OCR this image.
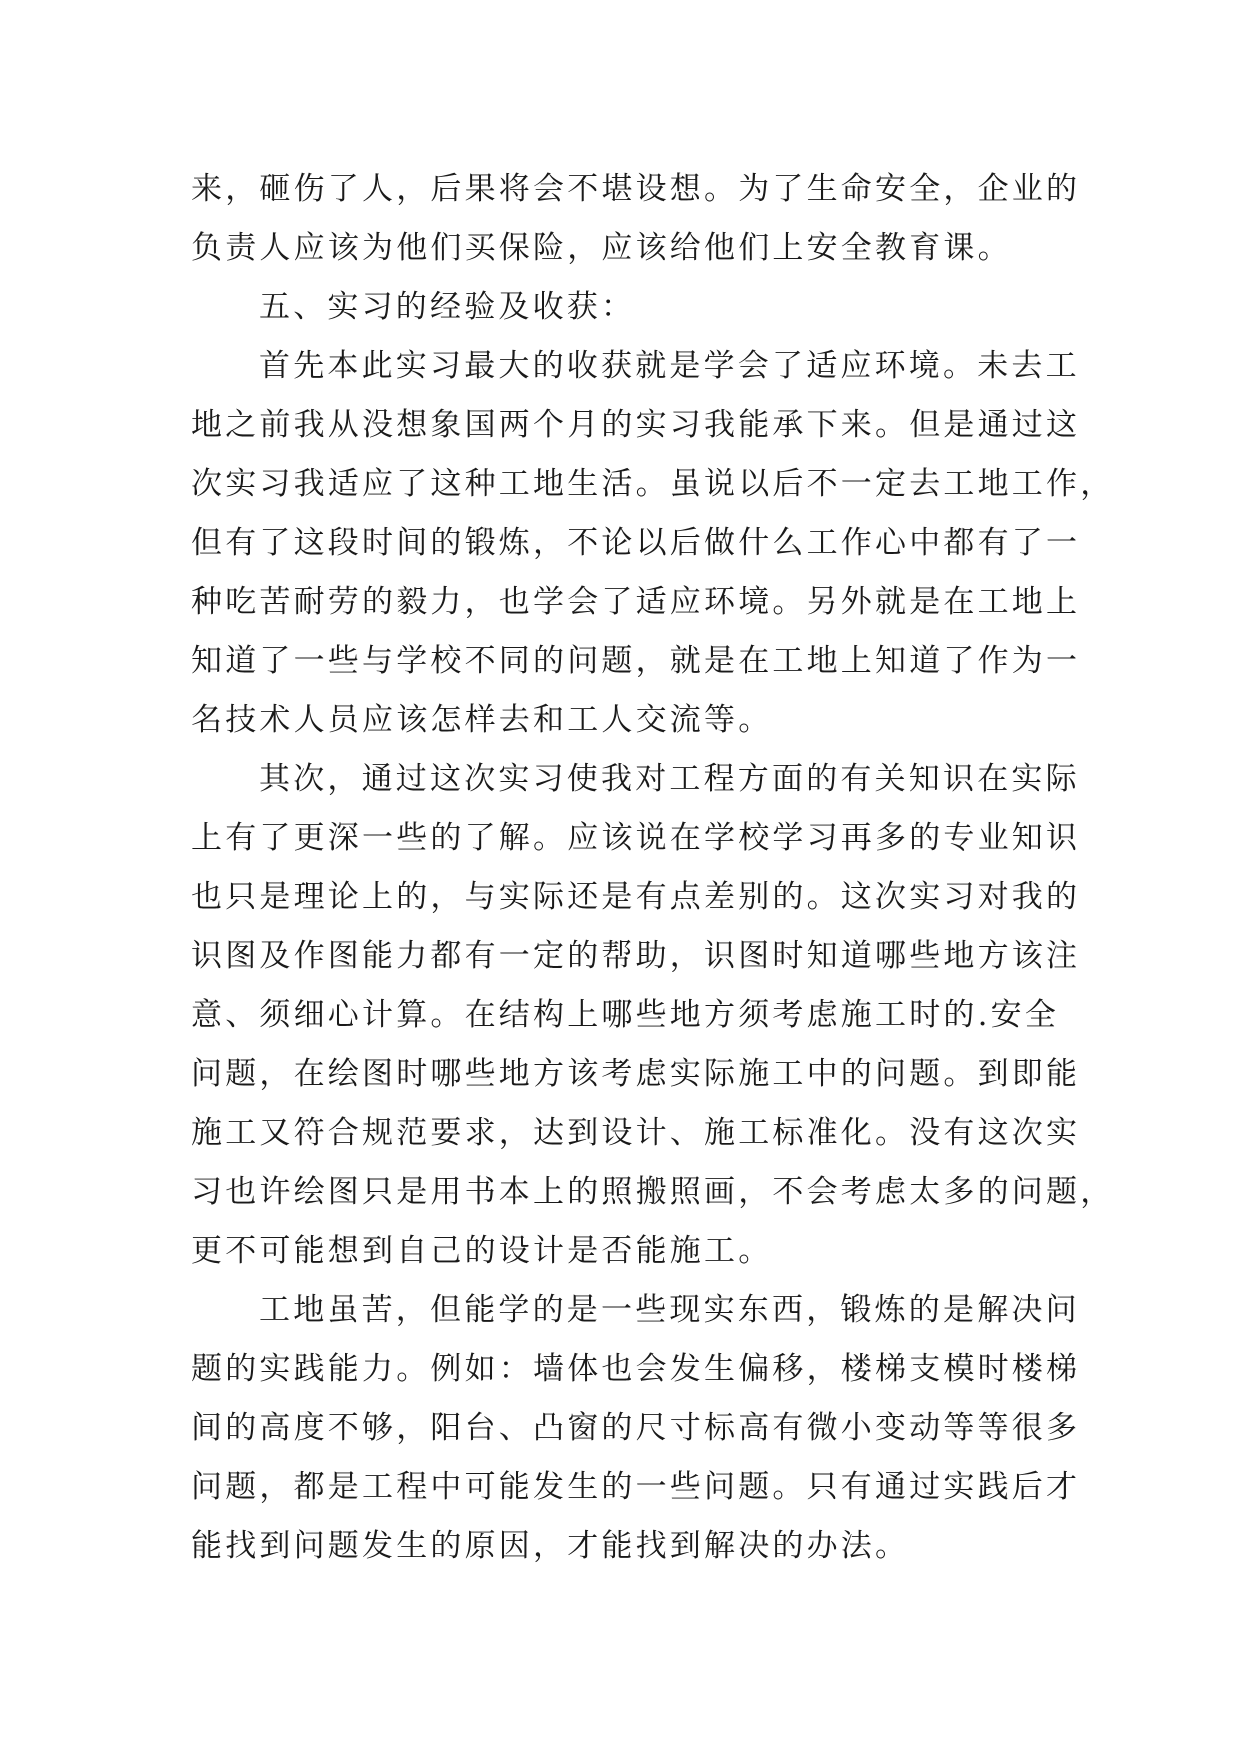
来，砸伤了人，后果将会不堪设想。为了生命安全，企业的
负责人应该为他们买保险，应该给他们上安全教育课。
五、实习的经验及收获：
首先本此实习最大的收获就是学会了适应环境。未去工
地之前我从没想象国两个月的实习我能承下来。但是通过这
次实习我适应了这种工地生活。虽说以后不一定去工地工作，
但有了这段时间的锻炼，不论以后做什么工作心中都有了一
种吃苦耐劳的毅力，也学会了适应环境。另外就是在工地上
知道了一些与学校不同的问题，就是在工地上知道了作为一
名技术人员应该怎样去和工人交流等。
其次，通过这次实习使我对工程方面的有关知识在实际
上有了更深一些的了解。应该说在学校学习再多的专业知识
也只是理论上的，与实际还是有点差别的。这次实习对我的
识图及作图能力都有一定的帮助，识图时知道哪些地方该注
意、须细心计算。在结构上哪些地方须考虑施工时的.安全
问题，在绘图时哪些地方该考虑实际施工中的问题。到即能
施工又符合规范要求，达到设计、施工标准化。没有这次实
习也许绘图只是用书本上的照搬照画，不会考虑太多的问题，
更不可能想到自己的设计是否能施工。
工地虽苦，但能学的是一些现实东西，锻炼的是解决问
题的实践能力。例如：墙体也会发生偏移，楼梯支模时楼梯
间的高度不够，阳台、凸窗的尺寸标高有微小变动等等很多
问题，都是工程中可能发生的一些问题。只有通过实践后才
能找到问题发生的原因，才能找到解决的办法。
